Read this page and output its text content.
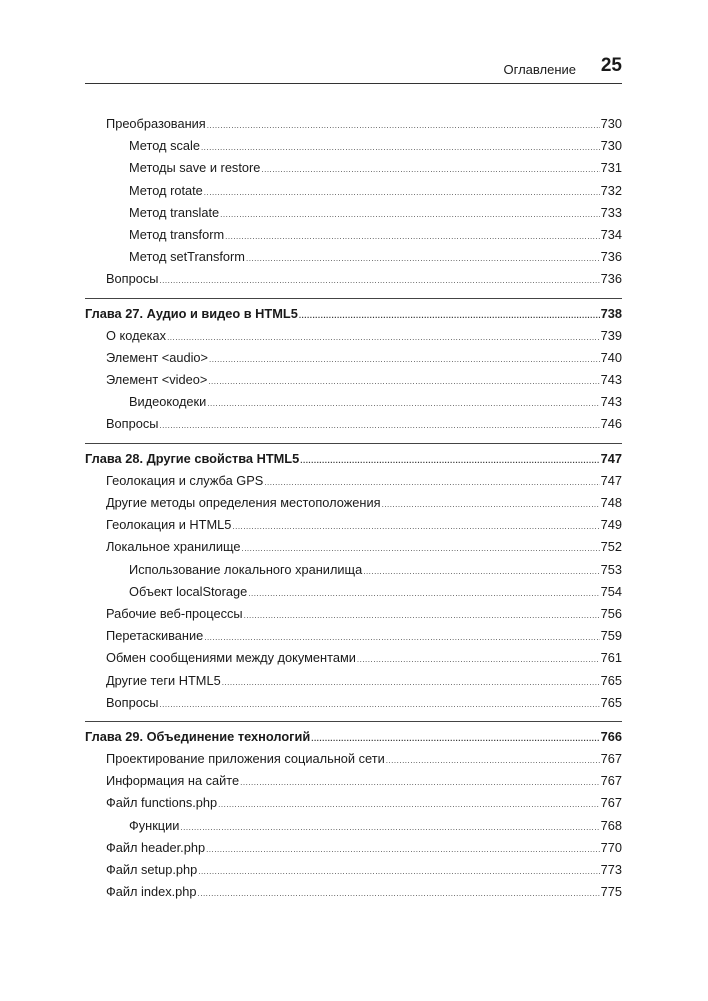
Оглавление 25
Преобразования .....	730
Метод scale .....	730
Методы save и restore .....	731
Метод rotate .....	732
Метод translate .....	733
Метод transform .....	734
Метод setTransform .....	736
Вопросы .....	736
Глава 27. Аудио и видео в HTML5 .....	738
О кодеках .....	739
Элемент <audio> .....	740
Элемент <video> .....	743
Видеокодеки .....	743
Вопросы .....	746
Глава 28. Другие свойства HTML5 .....	747
Геолокация и служба GPS .....	747
Другие методы определения местоположения .....	748
Геолокация и HTML5 .....	749
Локальное хранилище .....	752
Использование локального хранилища .....	753
Объект localStorage .....	754
Рабочие веб-процессы .....	756
Перетаскивание .....	759
Обмен сообщениями между документами .....	761
Другие теги HTML5 .....	765
Вопросы .....	765
Глава 29. Объединение технологий .....	766
Проектирование приложения социальной сети .....	767
Информация на сайте .....	767
Файл functions.php .....	767
Функции .....	768
Файл header.php .....	770
Файл setup.php .....	773
Файл index.php .....	775
